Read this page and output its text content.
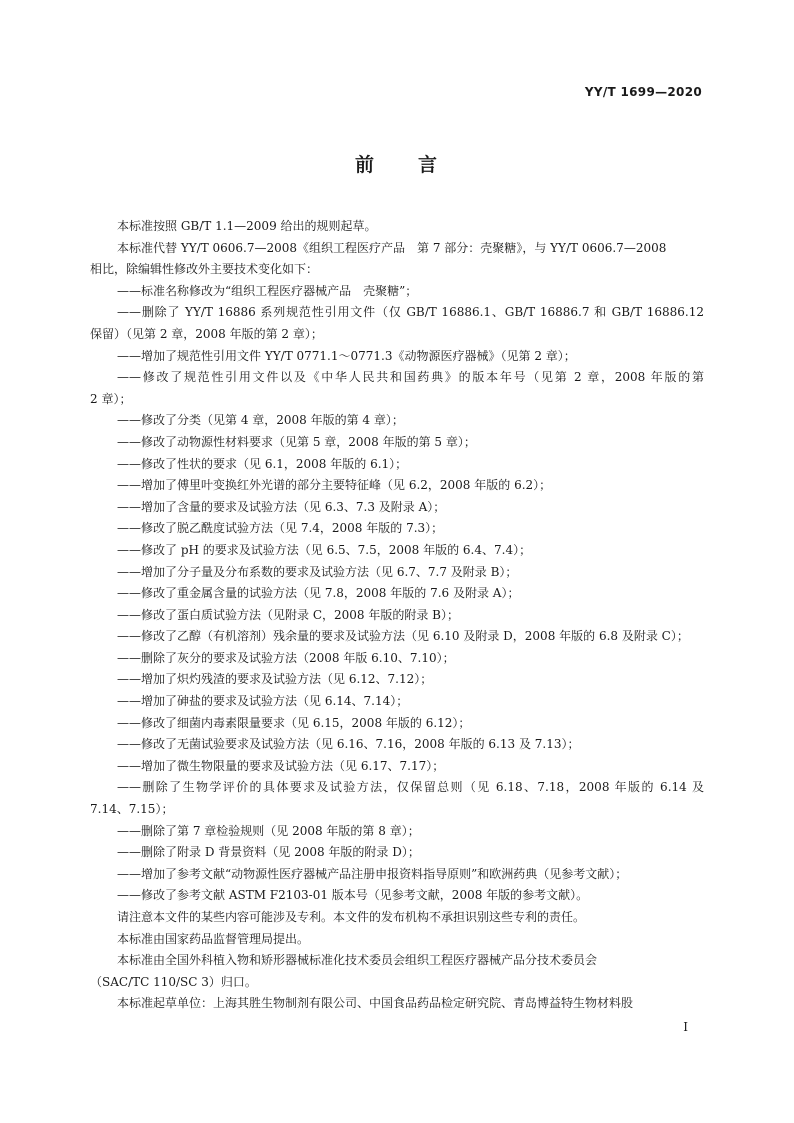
YY/T 1699—2020
前　　言

本标准按照 GB/T 1.1—2009 给出的规则起草。

本标准代替 YY/T 0606.7—2008《组织工程医疗产品　第 7 部分：壳聚糖》，与 YY/T 0606.7—2008

相比，除编辑性修改外主要技术变化如下：

——标准名称修改为“组织工程医疗器械产品　壳聚糖”；
——删除了 YY/T 16886 系列规范性引用文件（仅 GB/T 16886.1、GB/T 16886.7 和 GB/T 16886.12
保留）（见第 2 章，2008 年版的第 2 章）；
——增加了规范性引用文件 YY/T 0771.1～0771.3《动物源医疗器械》（见第 2 章）；
——修改了规范性引用文件以及《中华人民共和国药典》的版本年号（见第 2 章，2008 年版的第
2 章）；
——修改了分类（见第 4 章，2008 年版的第 4 章）；
——修改了动物源性材料要求（见第 5 章，2008 年版的第 5 章）；
——修改了性状的要求（见 6.1，2008 年版的 6.1）；
——增加了傅里叶变换红外光谱的部分主要特征峰（见 6.2，2008 年版的 6.2）；
——增加了含量的要求及试验方法（见 6.3、7.3 及附录 A）；
——修改了脱乙酰度试验方法（见 7.4，2008 年版的 7.3）；
——修改了 pH 的要求及试验方法（见 6.5、7.5，2008 年版的 6.4、7.4）；
——增加了分子量及分布系数的要求及试验方法（见 6.7、7.7 及附录 B）；
——修改了重金属含量的试验方法（见 7.8，2008 年版的 7.6 及附录 A）；
——修改了蛋白质试验方法（见附录 C，2008 年版的附录 B）；
——修改了乙醇（有机溶剂）残余量的要求及试验方法（见 6.10 及附录 D，2008 年版的 6.8 及附录 C）；
——删除了灰分的要求及试验方法（2008 年版 6.10、7.10）；
——增加了炽灼残渣的要求及试验方法（见 6.12、7.12）；
——增加了砷盐的要求及试验方法（见 6.14、7.14）；
——修改了细菌内毒素限量要求（见 6.15，2008 年版的 6.12）；
——修改了无菌试验要求及试验方法（见 6.16、7.16，2008 年版的 6.13 及 7.13）；
——增加了微生物限量的要求及试验方法（见 6.17、7.17）；
——删除了生物学评价的具体要求及试验方法，仅保留总则（见 6.18、7.18，2008 年版的 6.14 及
7.14、7.15）；
——删除了第 7 章检验规则（见 2008 年版的第 8 章）；
——删除了附录 D 背景资料（见 2008 年版的附录 D）；
——增加了参考文献“动物源性医疗器械产品注册申报资料指导原则”和欧洲药典（见参考文献）；
——修改了参考文献 ASTM F2103-01 版本号（见参考文献，2008 年版的参考文献）。

请注意本文件的某些内容可能涉及专利。本文件的发布机构不承担识别这些专利的责任。

本标准由国家药品监督管理局提出。

本标准由全国外科植入物和矫形器械标准化技术委员会组织工程医疗器械产品分技术委员会

（SAC/TC 110/SC 3）归口。

本标准起草单位：上海其胜生物制剂有限公司、中国食品药品检定研究院、青岛博益特生物材料股

Ⅰ
